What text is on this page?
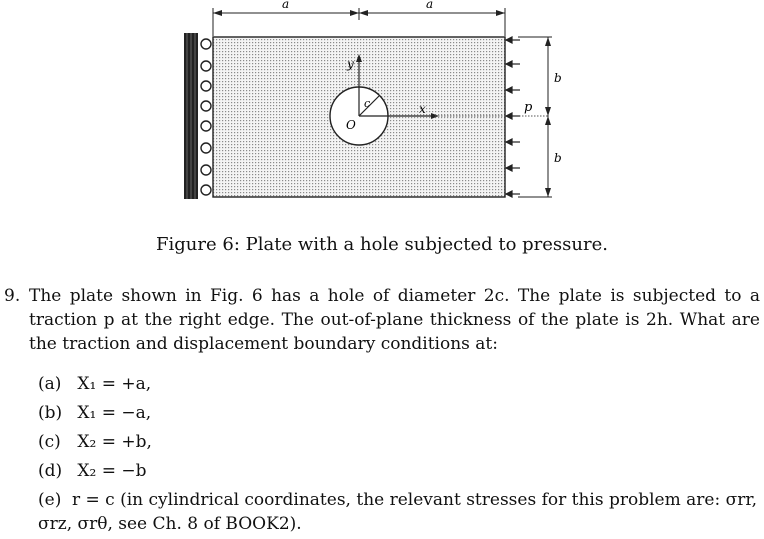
y
x
O
c	p
a	a
b
b
Figure 6: Plate with a hole subjected to pressure.
9. The plate shown in Fig. 6 has a hole of diameter 2c. The plate is subjected to a traction p at the right edge. The out-of-plane thickness of the plate is 2h. What are the traction and displacement boundary conditions at:
(a) X₁ = +a,
(b) X₁ = −a,
(c) X₂ = +b,
(d) X₂ = −b
(e) r = c (in cylindrical coordinates, the relevant stresses for this problem are: σrr, σrz, σrθ, see Ch. 8 of BOOK2).
